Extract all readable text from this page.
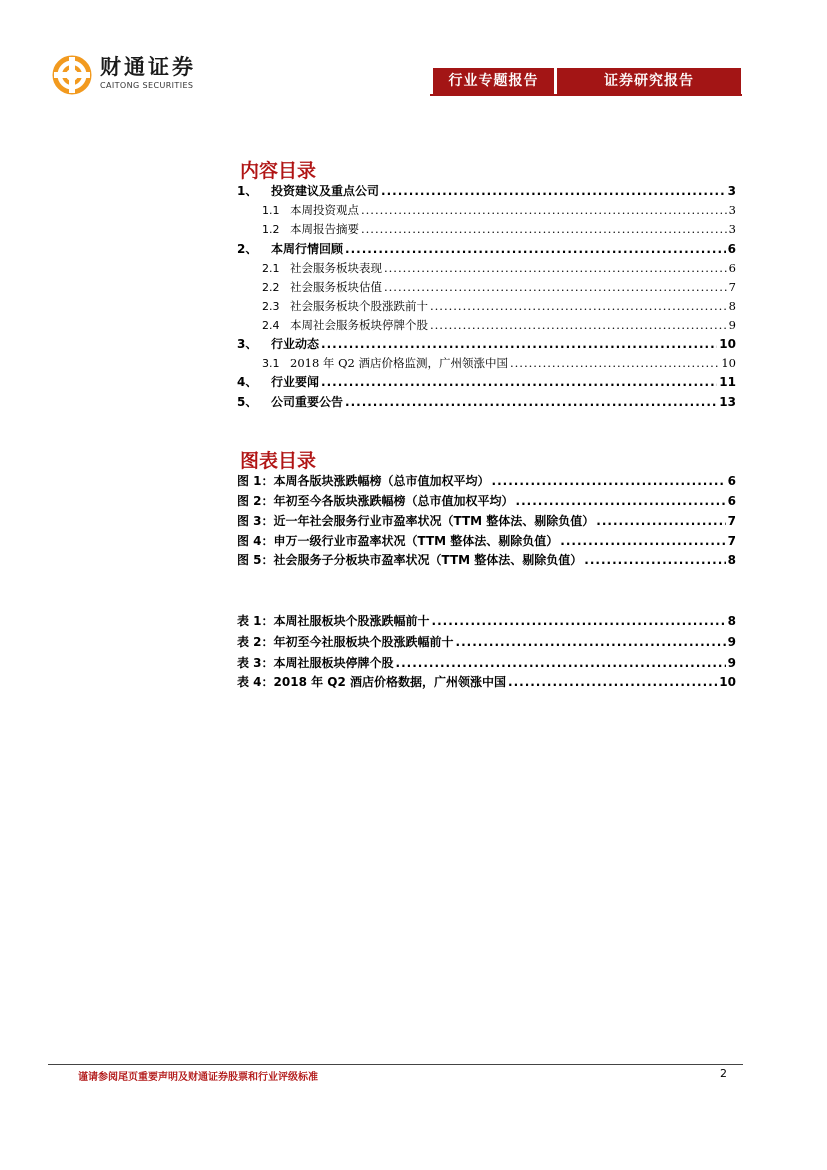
财通证券
CAITONG SECURITIES	行业专题报告	证券研究报告
内容目录
1、	投资建议及重点公司 .....	3
1.1 本周投资观点 .....	3
1.2 本周报告摘要 .....	3
2、	本周行情回顾 .....	6
2.1 社会服务板块表现 .....	6
2.2 社会服务板块估值 .....	7
2.3 社会服务板块个股涨跌前十 .....	8
2.4 本周社会服务板块停牌个股 .....	9
3、	行业动态 .....	10
3.1 2018 年 Q2 酒店价格监测，广州领涨中国 .....	10
4、	行业要闻 .....	11
5、	公司重要公告 .....	13
图表目录
图 1：本周各版块涨跌幅榜（总市值加权平均） .....	6
图 2：年初至今各版块涨跌幅榜（总市值加权平均） .....	6
图 3：近一年社会服务行业市盈率状况（TTM 整体法、剔除负值） .....	7
图 4：申万一级行业市盈率状况（TTM 整体法、剔除负值） .....	7
图 5：社会服务子分板块市盈率状况（TTM 整体法、剔除负值） .....	8
表 1：本周社服板块个股涨跌幅前十 .....	8
表 2：年初至今社服板块个股涨跌幅前十 .....	9
表 3：本周社服板块停牌个股 .....	9
表 4：2018 年 Q2 酒店价格数据，广州领涨中国 .....	10
谨请参阅尾页重要声明及财通证券股票和行业评级标准	2
